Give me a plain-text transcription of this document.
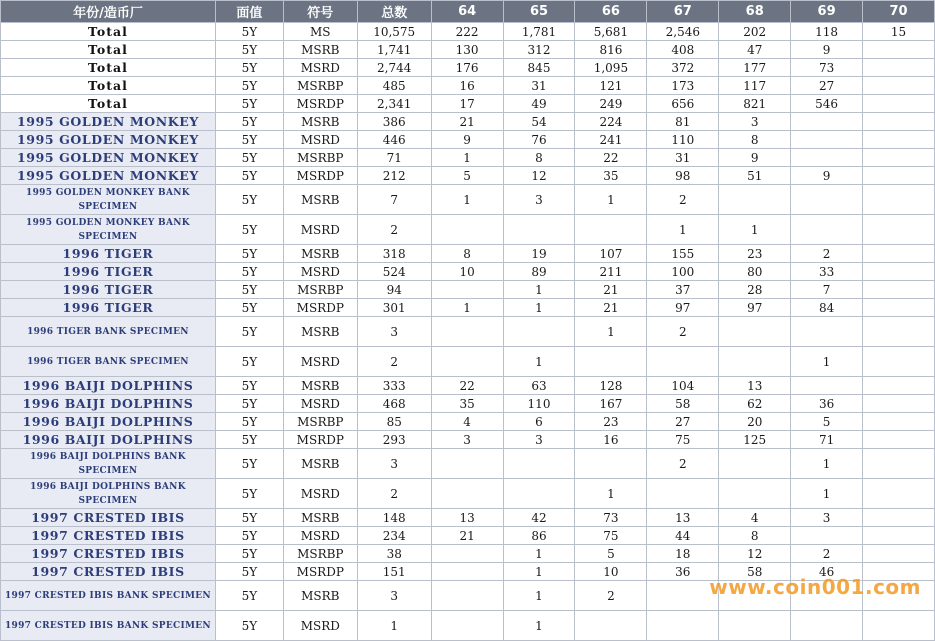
年份/造币厂	面值	符号	总数	64	65	66	67	68	69	70
Total	5Y	MS	10,575	222	1,781	5,681	2,546	202	118	15
Total	5Y	MSRB	1,741	130	312	816	408	47	9	
Total	5Y	MSRD	2,744	176	845	1,095	372	177	73	
Total	5Y	MSRBP	485	16	31	121	173	117	27	
Total	5Y	MSRDP	2,341	17	49	249	656	821	546	
1995 GOLDEN MONKEY	5Y	MSRB	386	21	54	224	81	3		
1995 GOLDEN MONKEY	5Y	MSRD	446	9	76	241	110	8		
1995 GOLDEN MONKEY	5Y	MSRBP	71	1	8	22	31	9		
1995 GOLDEN MONKEY	5Y	MSRDP	212	5	12	35	98	51	9	
1995 GOLDEN MONKEY BANK SPECIMEN	5Y	MSRB	7	1	3	1	2			
1995 GOLDEN MONKEY BANK SPECIMEN	5Y	MSRD	2				1	1		
1996 TIGER	5Y	MSRB	318	8	19	107	155	23	2	
1996 TIGER	5Y	MSRD	524	10	89	211	100	80	33	
1996 TIGER	5Y	MSRBP	94		1	21	37	28	7	
1996 TIGER	5Y	MSRDP	301	1	1	21	97	97	84	
1996 TIGER BANK SPECIMEN	5Y	MSRB	3			1	2			
1996 TIGER BANK SPECIMEN	5Y	MSRD	2		1				1	
1996 BAIJI DOLPHINS	5Y	MSRB	333	22	63	128	104	13		
1996 BAIJI DOLPHINS	5Y	MSRD	468	35	110	167	58	62	36	
1996 BAIJI DOLPHINS	5Y	MSRBP	85	4	6	23	27	20	5	
1996 BAIJI DOLPHINS	5Y	MSRDP	293	3	3	16	75	125	71	
1996 BAIJI DOLPHINS BANK SPECIMEN	5Y	MSRB	3				2		1	
1996 BAIJI DOLPHINS BANK SPECIMEN	5Y	MSRD	2			1			1	
1997 CRESTED IBIS	5Y	MSRB	148	13	42	73	13	4	3	
1997 CRESTED IBIS	5Y	MSRD	234	21	86	75	44	8		
1997 CRESTED IBIS	5Y	MSRBP	38		1	5	18	12	2	
1997 CRESTED IBIS	5Y	MSRDP	151		1	10	36	58	46	
1997 CRESTED IBIS BANK SPECIMEN	5Y	MSRB	3		1	2				
1997 CRESTED IBIS BANK SPECIMEN	5Y	MSRD	1		1					
www.coin001.com
